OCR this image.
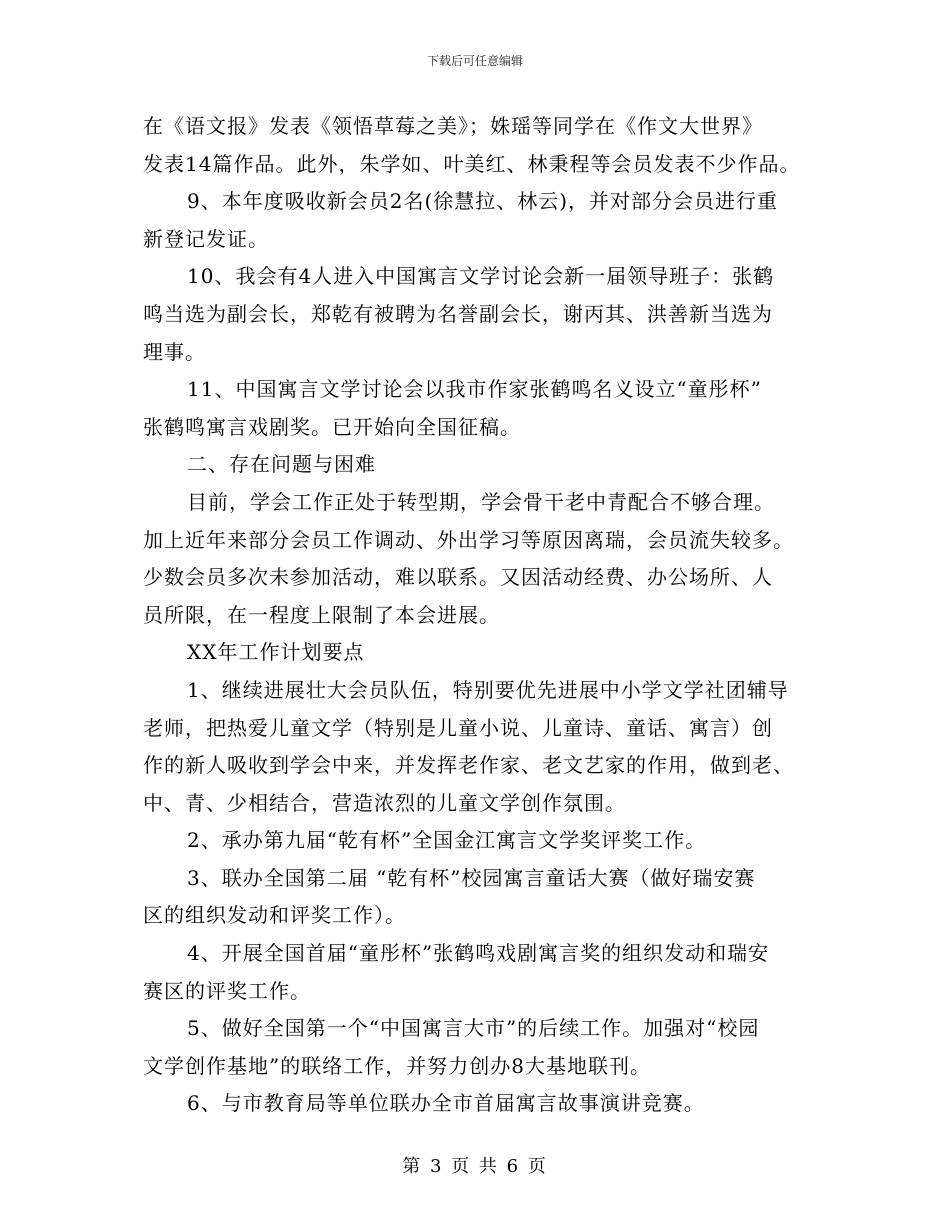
下载后可任意编辑

在《语文报》发表《领悟草莓之美》；姝瑶等同学在《作文大世界》
发表14篇作品。此外，朱学如、叶美红、林秉程等会员发表不少作品。

9、本年度吸收新会员2名(徐慧拉、林云)，并对部分会员进行重
新登记发证。

10、我会有4人进入中国寓言文学讨论会新一届领导班子：张鹤
鸣当选为副会长，郑乾有被聘为名誉副会长，谢丙其、洪善新当选为
理事。

11、中国寓言文学讨论会以我市作家张鹤鸣名义设立“童彤杯”
张鹤鸣寓言戏剧奖。已开始向全国征稿。

二、存在问题与困难

目前，学会工作正处于转型期，学会骨干老中青配合不够合理。
加上近年来部分会员工作调动、外出学习等原因离瑞，会员流失较多。
少数会员多次未参加活动，难以联系。又因活动经费、办公场所、人
员所限，在一程度上限制了本会进展。

XX年工作计划要点

1、继续进展壮大会员队伍，特别要优先进展中小学文学社团辅导
老师，把热爱儿童文学（特别是儿童小说、儿童诗、童话、寓言）创
作的新人吸收到学会中来，并发挥老作家、老文艺家的作用，做到老、
中、青、少相结合，营造浓烈的儿童文学创作氛围。

2、承办第九届“乾有杯”全国金江寓言文学奖评奖工作。

3、联办全国第二届 “乾有杯”校园寓言童话大赛（做好瑞安赛
区的组织发动和评奖工作）。

4、开展全国首届“童彤杯”张鹤鸣戏剧寓言奖的组织发动和瑞安
赛区的评奖工作。

5、做好全国第一个“中国寓言大市”的后续工作。加强对“校园
文学创作基地”的联络工作，并努力创办8大基地联刊。

6、与市教育局等单位联办全市首届寓言故事演讲竞赛。

第 3 页 共 6 页
